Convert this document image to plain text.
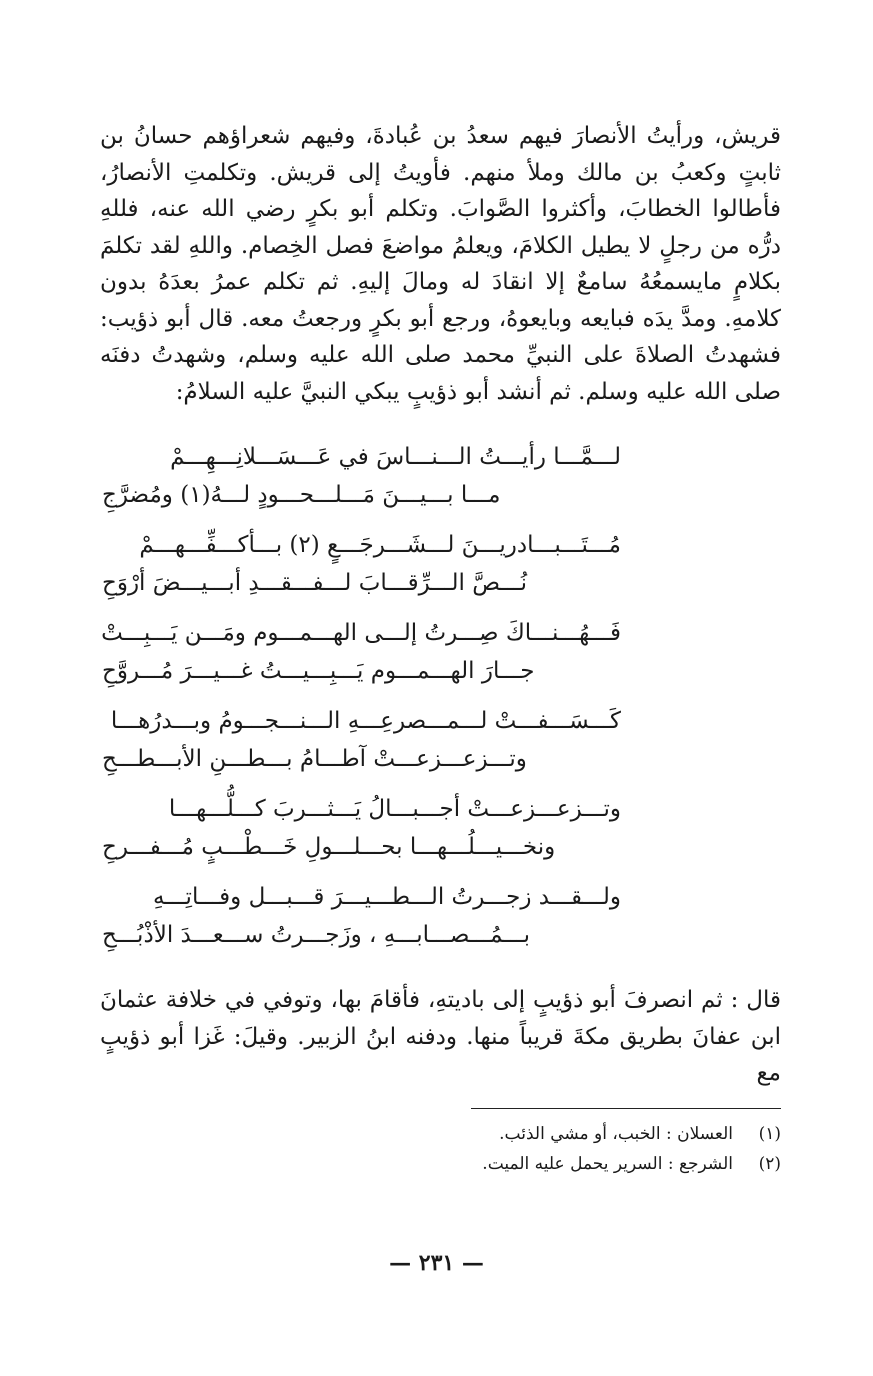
قريش، ورأيتُ الأنصارَ فيهم سعدُ بن عُبادةَ، وفيهم شعراؤهم حسانُ بن ثابتٍ وكعبُ بن مالك وملأ منهم. فأويتُ إلى قريش. وتكلمتِ الأنصارُ، فأطالوا الخطابَ، وأكثروا الصَّوابَ. وتكلم أبو بكرٍ رضي الله عنه، فللهِ درُّه من رجلٍ لا يطيل الكلامَ، ويعلمُ مواضعَ فصل الخِصام. واللهِ لقد تكلمَ بكلامٍ مايسمعُهُ سامعٌ إلا انقادَ له ومالَ إليهِ. ثم تكلم عمرُ بعدَهُ بدون كلامهِ. ومدَّ يدَه فبايعه وبايعوهُ، ورجع أبو بكرٍ ورجعتُ معه. قال أبو ذؤيب: فشهدتُ الصلاةَ على النبيِّ محمد صلى الله عليه وسلم، وشهدتُ دفنَه صلى الله عليه وسلم. ثم أنشد أبو ذؤيبٍ يبكي النبيَّ عليه السلامُ:

لـــمَّـــا رأيـــتُ الـــنـــاسَ في عَـــسَـــلانِـــهِـــمْ
مـــا بـــيـــنَ مَـــلـــحـــودٍ لـــهُ(١) ومُضرَّجِ
مُـــتَـــبـــادريـــنَ لـــشَـــرجَـــعٍ (٢) بـــأكـــفِّـــهـــمْ
نُـــصَّ الـــرِّقـــابَ لـــفـــقـــدِ أبـــيـــضَ أرْوَحِ
فَـــهُـــنـــاكَ صِـــرتُ إلـــى الهـــمـــوم ومَـــن يَـــبِـــتْ
جـــارَ الهـــمـــوم يَـــبِـــيـــتُ غـــيـــرَ مُـــروَّحِ
كَـــسَـــفـــتْ لـــمـــصرعِـــهِ الـــنـــجـــومُ وبـــدرُهـــا
وتـــزعـــزعـــتْ آطـــامُ بـــطـــنِ الأبـــطـــحِ
وتـــزعـــزعـــتْ أجـــبـــالُ يَـــثـــربَ كـــلُّـــهـــا
ونخـــيـــلُـــهـــا بحـــلـــولِ خَـــطْـــبٍ مُـــفـــرحِ
ولـــقـــد زجـــرتُ الـــطـــيـــرَ قـــبـــل وفـــاتِـــهِ
بـــمُـــصـــابـــهِ ، وزَجـــرتُ ســـعـــدَ الأذْبُـــحِ

قال : ثم انصرفَ أبو ذؤيبٍ إلى باديتهِ، فأقامَ بها، وتوفي في خلافة عثمانَ ابن عفانَ بطريق مكةَ قريباً منها. ودفنه ابنُ الزبير. وقيلَ: غَزا أبو ذؤيبٍ مع

(١)
العسلان : الخبب، أو مشي الذئب.
(٢)
الشرجع : السرير يحمل عليه الميت.
— ٢٣١ —
